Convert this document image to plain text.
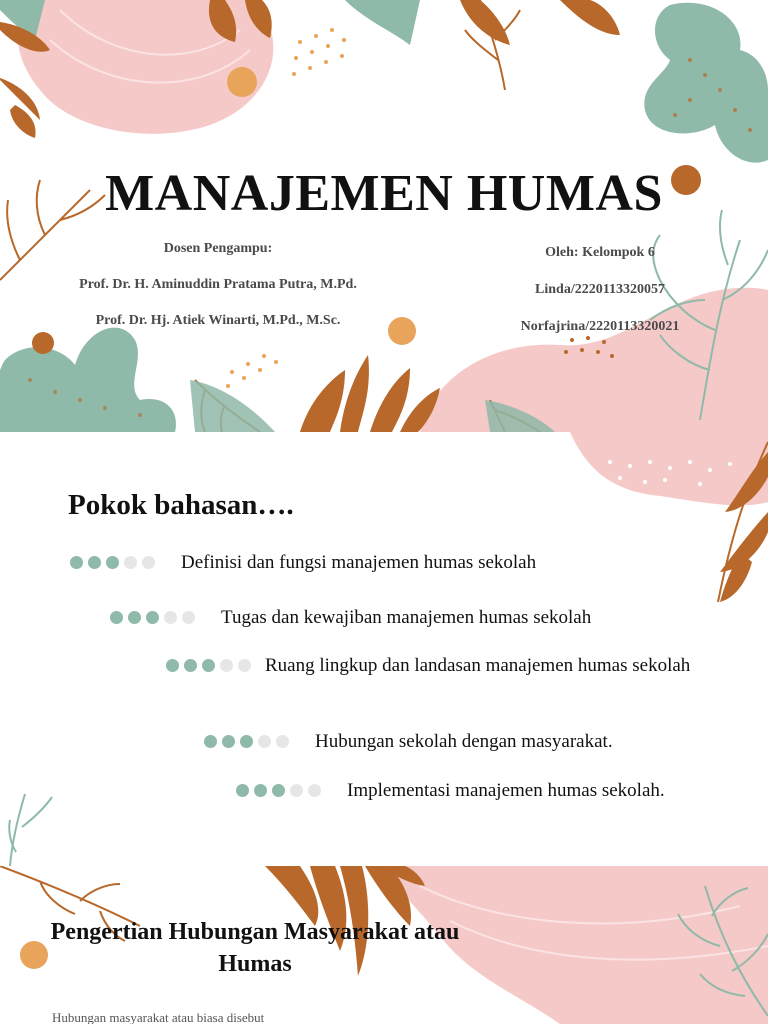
MANAJEMEN HUMAS
Dosen Pengampu:
Prof. Dr. H. Aminuddin Pratama Putra, M.Pd.
Prof. Dr. Hj. Atiek Winarti, M.Pd., M.Sc.
Oleh: Kelompok 6
Linda/2220113320057
Norfajrina/2220113320021
Pokok bahasan….
Definisi dan fungsi manajemen humas sekolah
Tugas dan kewajiban manajemen humas sekolah
Ruang lingkup dan landasan manajemen humas sekolah
Hubungan sekolah dengan masyarakat.
Implementasi manajemen humas sekolah.
Pengertian Hubungan Masyarakat atau Humas
Hubungan masyarakat atau biasa disebut
